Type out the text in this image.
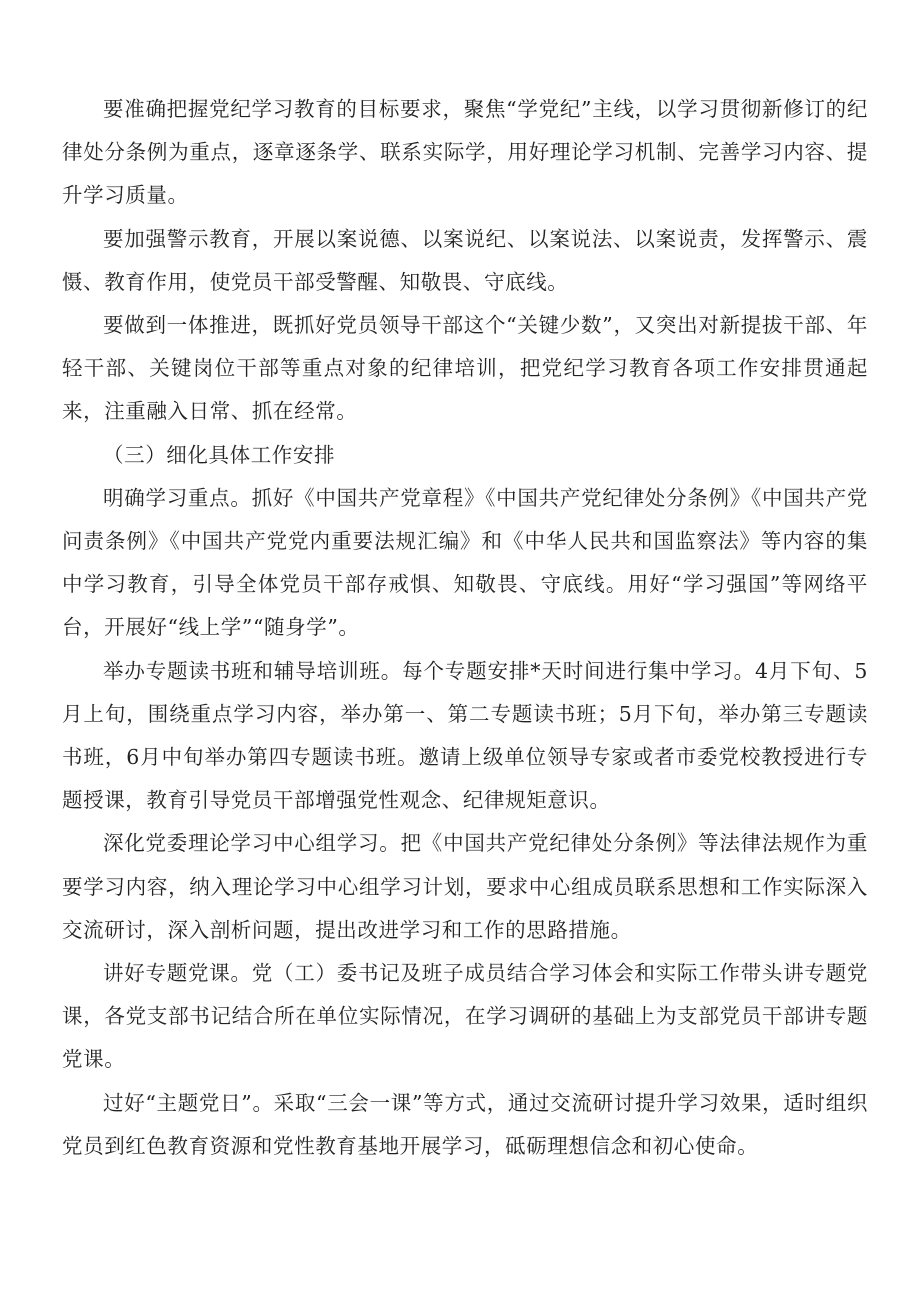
要准确把握党纪学习教育的目标要求，聚焦“学党纪”主线，以学习贯彻新修订的纪律处分条例为重点，逐章逐条学、联系实际学，用好理论学习机制、完善学习内容、提升学习质量。

要加强警示教育，开展以案说德、以案说纪、以案说法、以案说责，发挥警示、震慑、教育作用，使党员干部受警醒、知敬畏、守底线。

要做到一体推进，既抓好党员领导干部这个“关键少数”，又突出对新提拔干部、年轻干部、关键岗位干部等重点对象的纪律培训，把党纪学习教育各项工作安排贯通起来，注重融入日常、抓在经常。

（三）细化具体工作安排

明确学习重点。抓好《中国共产党章程》《中国共产党纪律处分条例》《中国共产党问责条例》《中国共产党党内重要法规汇编》和《中华人民共和国监察法》等内容的集中学习教育，引导全体党员干部存戒惧、知敬畏、守底线。用好“学习强国”等网络平台，开展好“线上学”“随身学”。

举办专题读书班和辅导培训班。每个专题安排*天时间进行集中学习。4月下旬、5月上旬，围绕重点学习内容，举办第一、第二专题读书班；5月下旬，举办第三专题读书班，6月中旬举办第四专题读书班。邀请上级单位领导专家或者市委党校教授进行专题授课，教育引导党员干部增强党性观念、纪律规矩意识。

深化党委理论学习中心组学习。把《中国共产党纪律处分条例》等法律法规作为重要学习内容，纳入理论学习中心组学习计划，要求中心组成员联系思想和工作实际深入交流研讨，深入剖析问题，提出改进学习和工作的思路措施。

讲好专题党课。党（工）委书记及班子成员结合学习体会和实际工作带头讲专题党课，各党支部书记结合所在单位实际情况，在学习调研的基础上为支部党员干部讲专题党课。

过好“主题党日”。采取“三会一课”等方式，通过交流研讨提升学习效果，适时组织党员到红色教育资源和党性教育基地开展学习，砥砺理想信念和初心使命。
